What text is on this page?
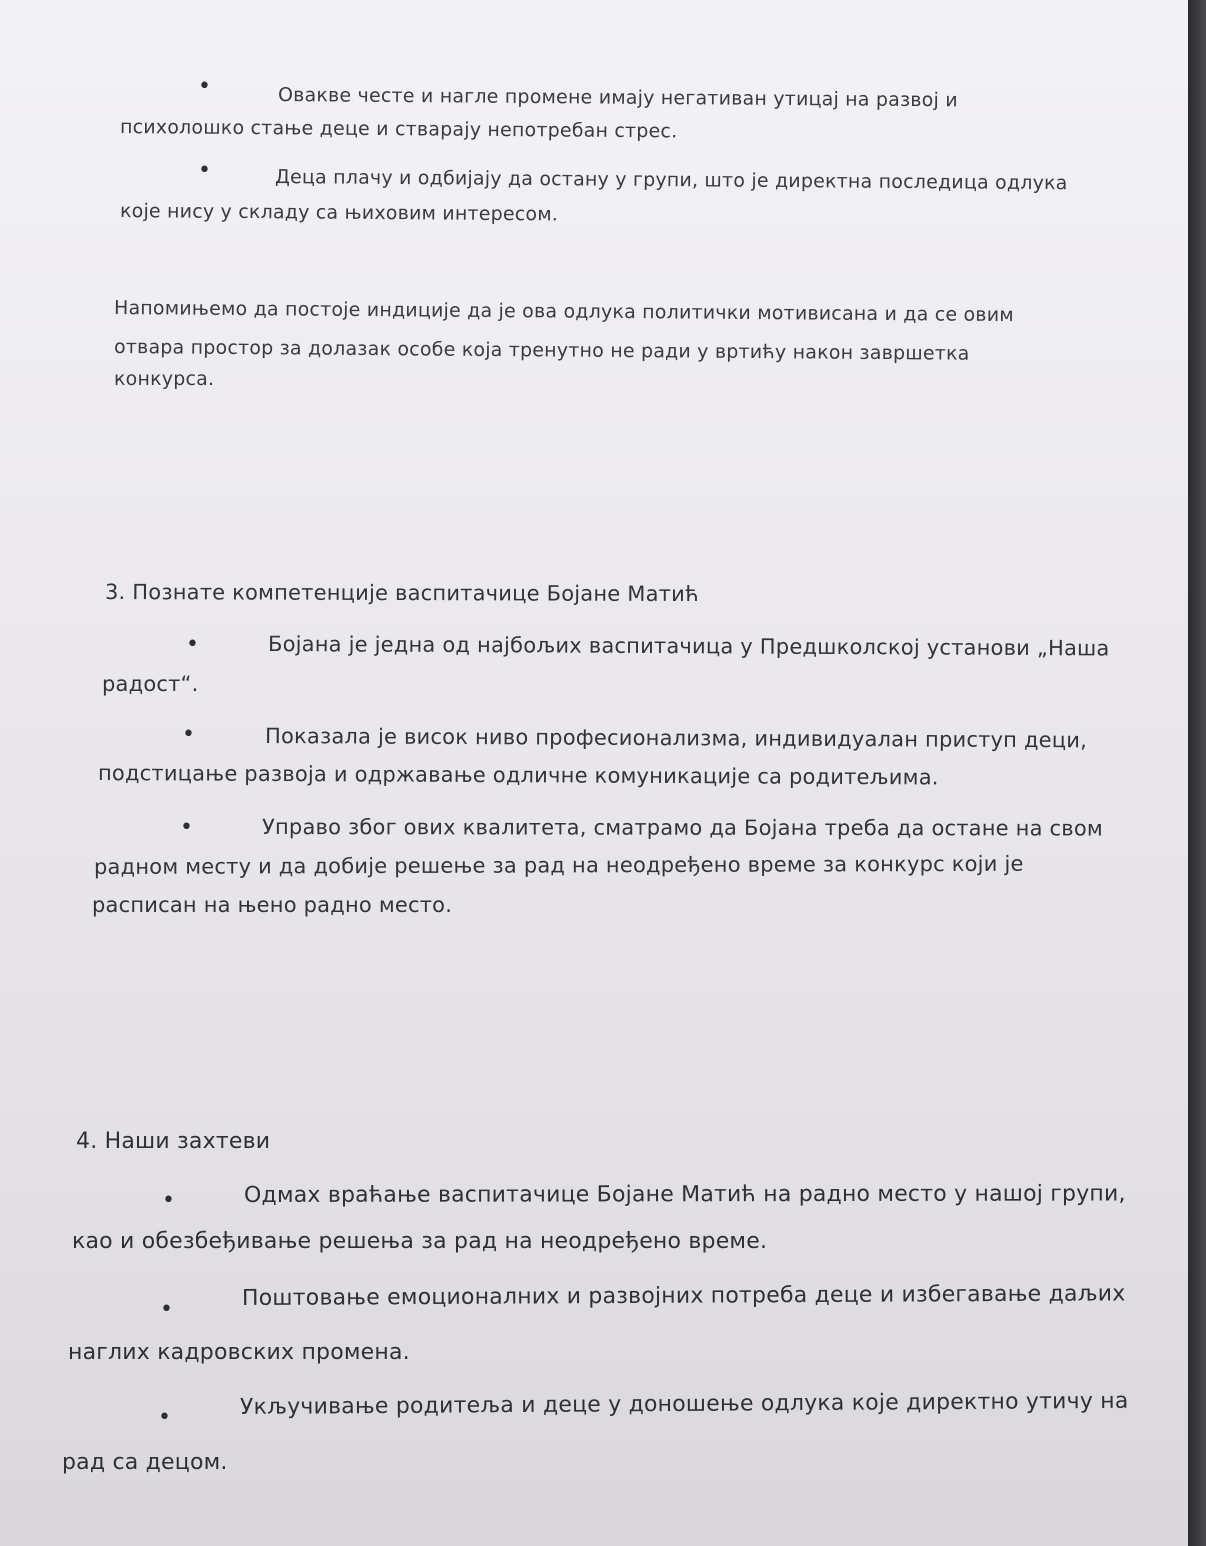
•	Овакве честе и нагле промене имају негативан утицај на развој и
психолошко стање деце и стварају непотребан стрес.
•	Деца плачу и одбијају да остану у групи, што је директна последица одлука
које нису у складу са њиховим интересом.
Напомињемо да постоје индиције да је ова одлука политички мотивисана и да се овим
отвара простор за долазак особе која тренутно не ради у вртићу након завршетка
конкурса.
3. Познате компетенције васпитачице Бојане Матић
•	Бојана је једна од најбољих васпитачица у Предшколској установи „Наша
радост“.
•	Показала је висок ниво професионализма, индивидуалан приступ деци,
подстицање развоја и одржавање одличне комуникације са родитељима.
•	Управо због ових квалитета, сматрамо да Бојана треба да остане на свом
радном месту и да добије решење за рад на неодређено време за конкурс који је
расписан на њено радно место.
4. Наши захтеви
•	Одмах враћање васпитачице Бојане Матић на радно место у нашој групи,
као и обезбеђивање решења за рад на неодређено време.
•	Поштовање емоционалних и развојних потреба деце и избегавање даљих
наглих кадровских промена.
•	Укључивање родитеља и деце у доношење одлука које директно утичу на
рад са децом.
